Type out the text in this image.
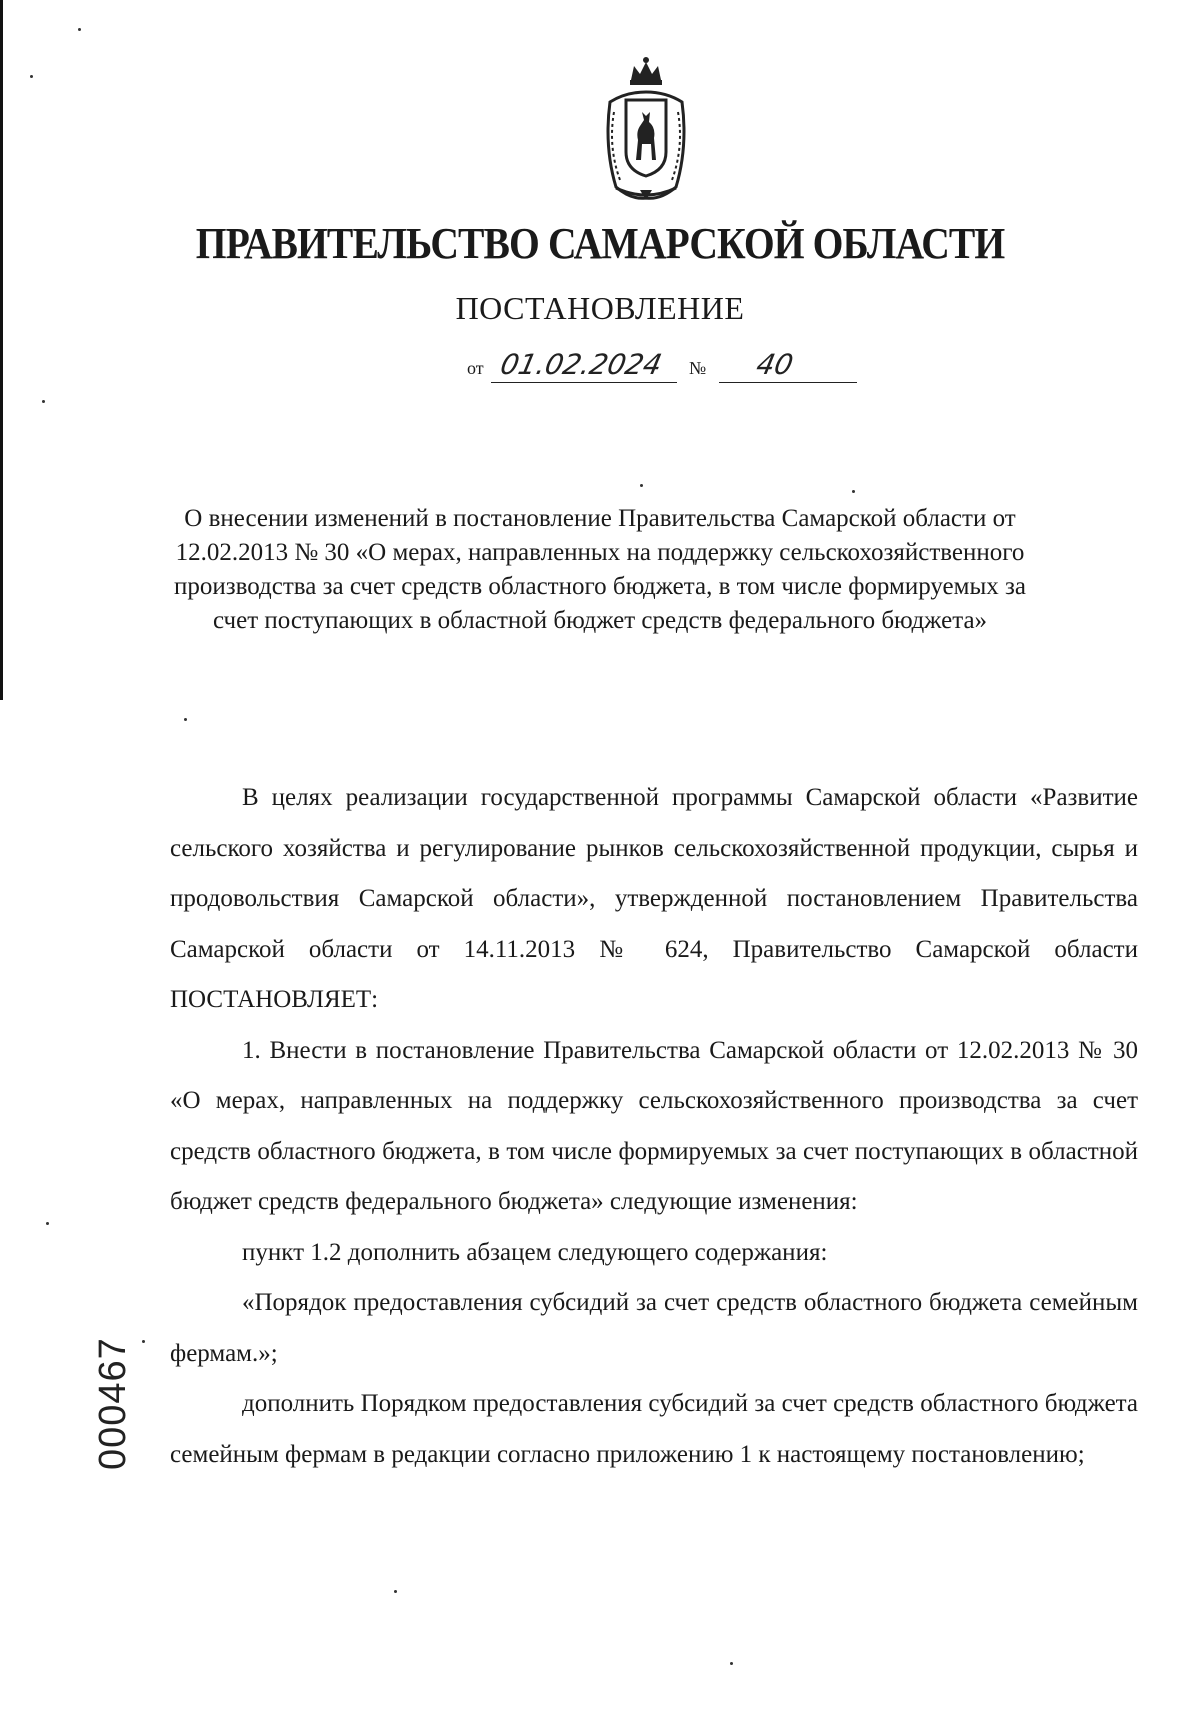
ПРАВИТЕЛЬСТВО САМАРСКОЙ ОБЛАСТИ
ПОСТАНОВЛЕНИЕ
от 01.02.2024 № 40
О внесении изменений в постановление Правительства Самарской области от 12.02.2013 № 30 «О мерах, направленных на поддержку сельскохозяйственного производства за счет средств областного бюджета, в том числе формируемых за счет поступающих в областной бюджет средств федерального бюджета»

В целях реализации государственной программы Самарской области «Развитие сельского хозяйства и регулирование рынков сельскохозяйственной продукции, сырья и продовольствия Самарской области», утвержденной постановлением Правительства Самарской области от 14.11.2013 № 624, Правительство Самарской области ПОСТАНОВЛЯЕТ:

1. Внести в постановление Правительства Самарской области от 12.02.2013 № 30 «О мерах, направленных на поддержку сельскохозяйственного производства за счет средств областного бюджета, в том числе формируемых за счет поступающих в областной бюджет средств федерального бюджета» следующие изменения:

пункт 1.2 дополнить абзацем следующего содержания:

«Порядок предоставления субсидий за счет средств областного бюджета семейным фермам.»;

дополнить Порядком предоставления субсидий за счет средств областного бюджета семейным фермам в редакции согласно приложению 1 к настоящему постановлению;

000467
